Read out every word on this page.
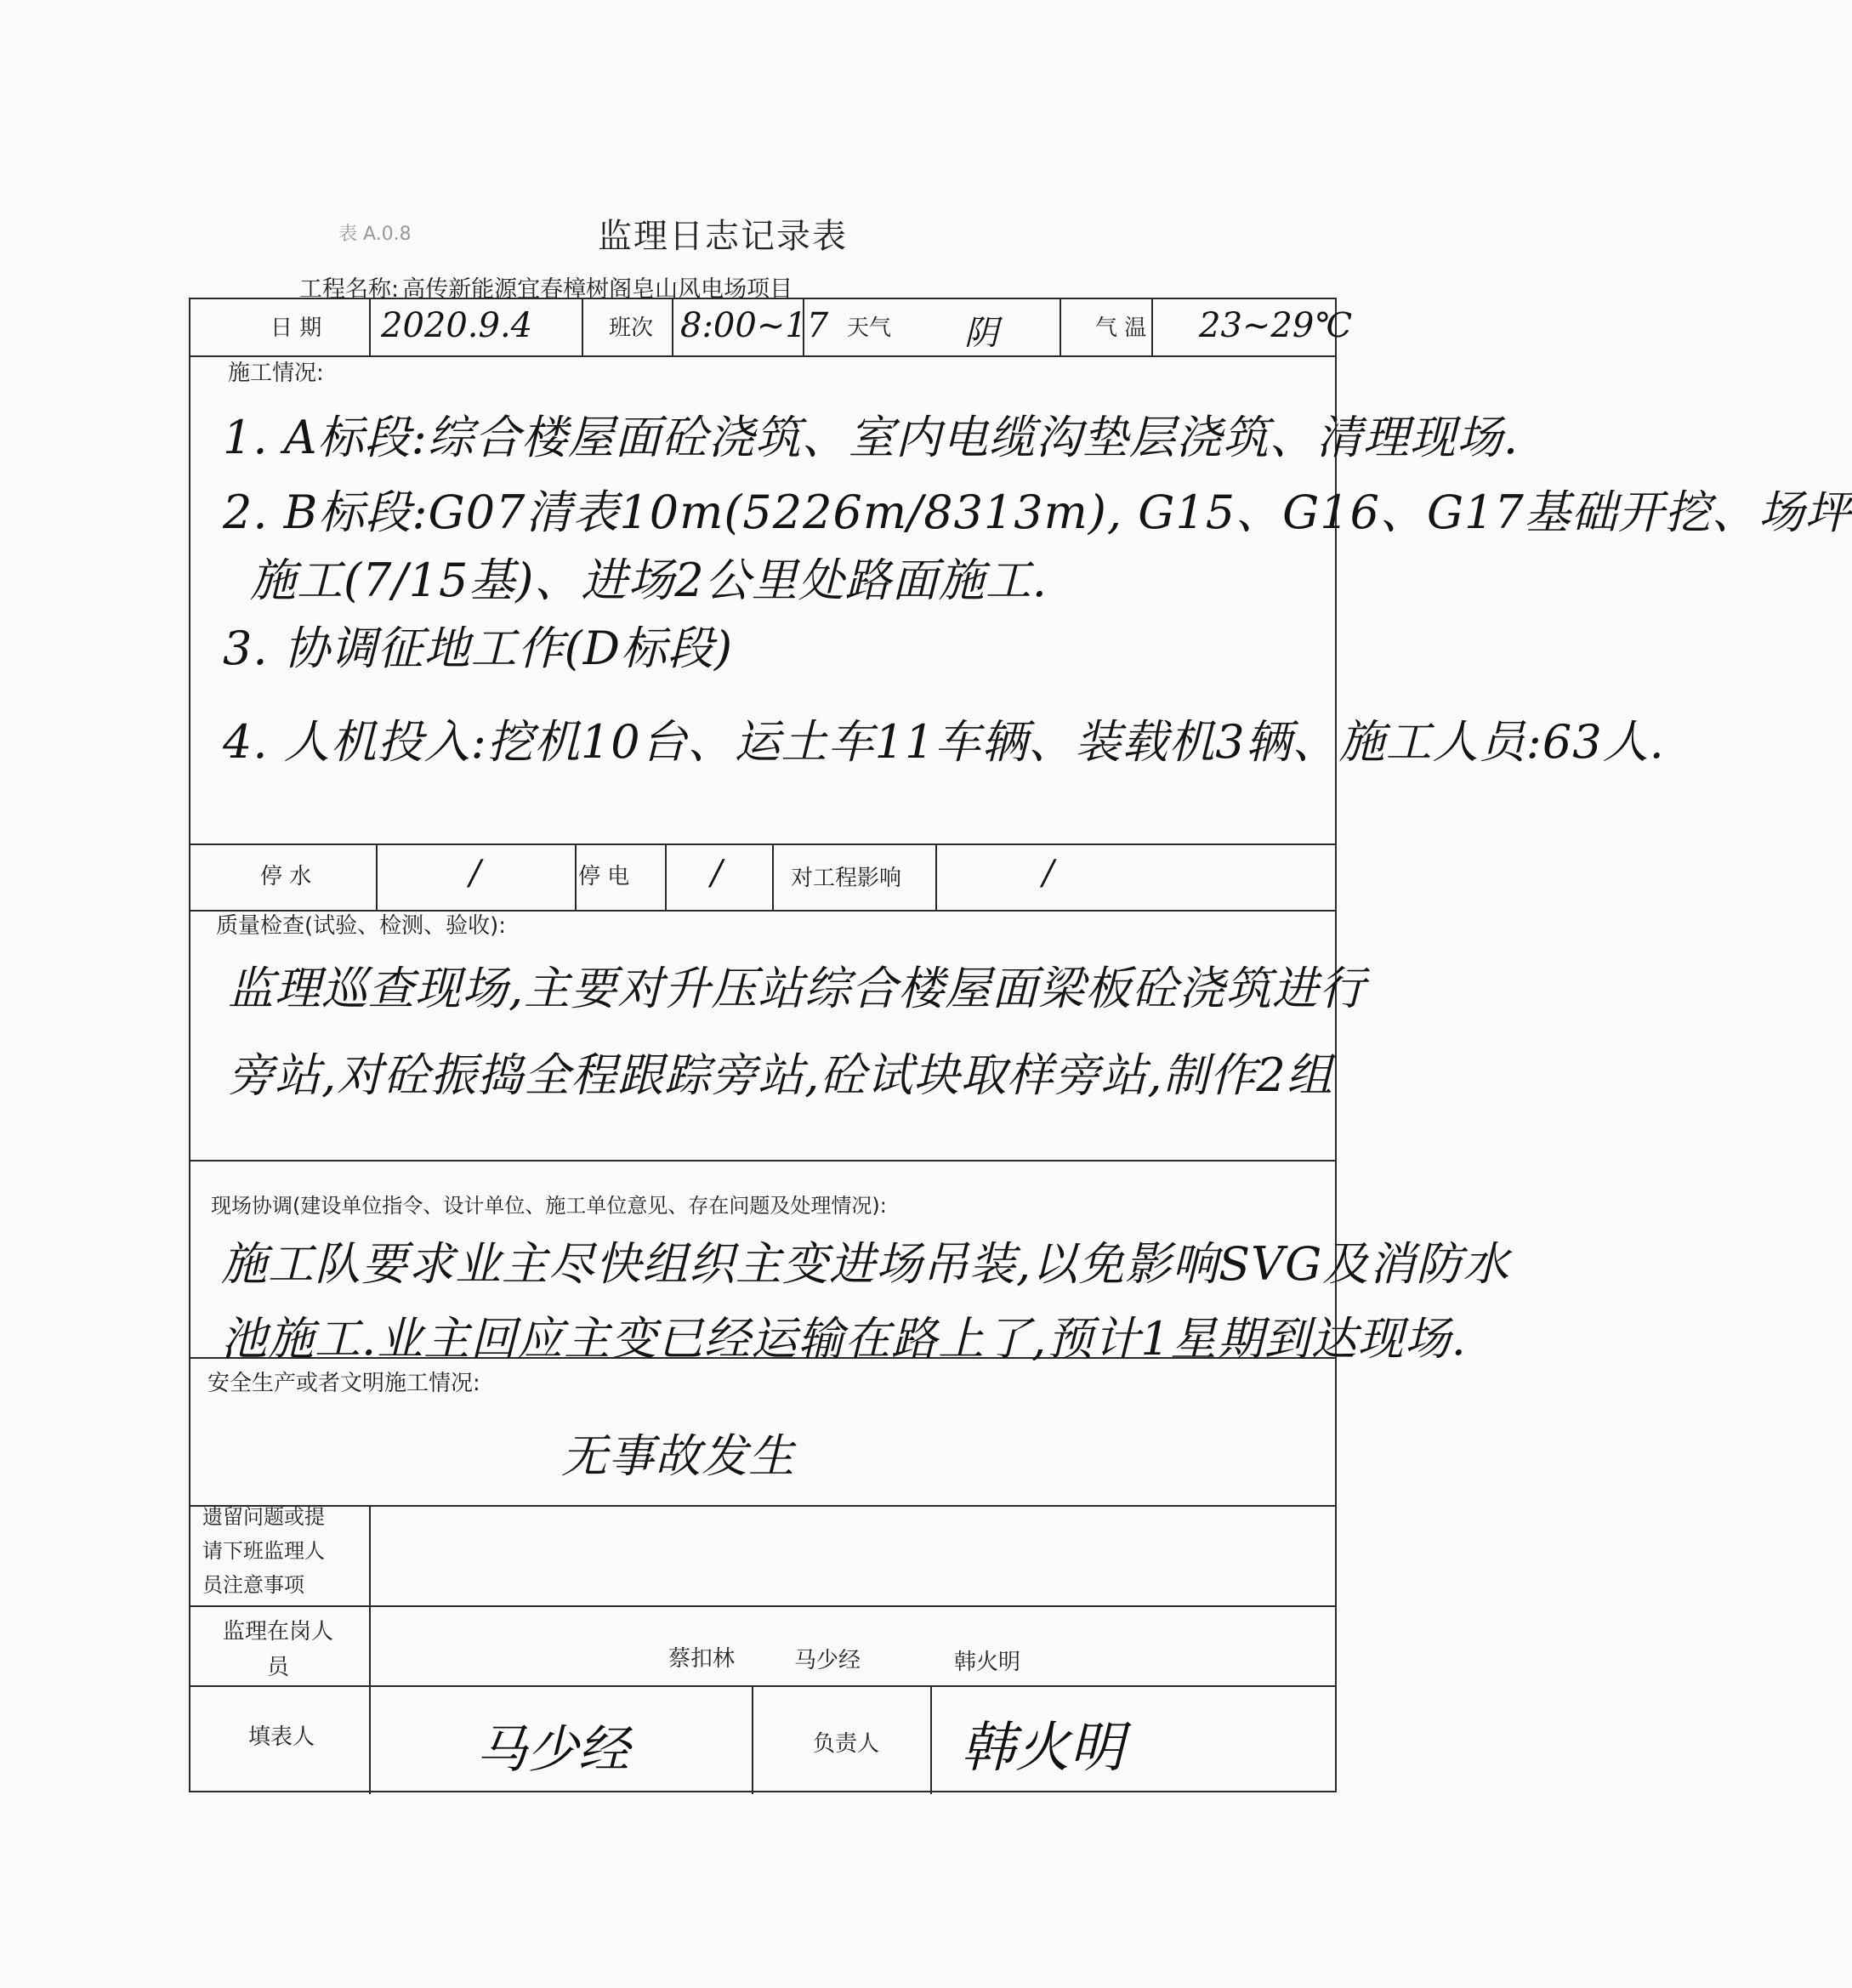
表 A.0.8	监理日志记录表
工程名称: 高传新能源宜春樟树阁皂山风电场项目
日 期 2020.9.4	班次 8:00~17 天气 阴	气 温 23~29℃
施工情况:
1. A标段:综合楼屋面砼浇筑、室内电缆沟垫层浇筑、清理现场.
2. B标段:G07清表10m(5226m/8313m), G15、G16、G17基础开挖、场坪
施工(7/15基)、进场2公里处路面施工.
3. 协调征地工作(D标段)
4. 人机投入:挖机10台、运土车11车辆、装载机3辆、施工人员:63人.
停 水	/	停 电 /	对工程影响	/
质量检查(试验、检测、验收):
监理巡查现场,主要对升压站综合楼屋面梁板砼浇筑进行
旁站,对砼振捣全程跟踪旁站,砼试块取样旁站,制作2组
现场协调(建设单位指令、设计单位、施工单位意见、存在问题及处理情况):
施工队要求业主尽快组织主变进场吊装,以免影响SVG及消防水
池施工.业主回应主变已经运输在路上了,预计1星期到达现场.
安全生产或者文明施工情况:
无事故发生
遗留问题或提
请下班监理人
员注意事项
监理在岗人
员	蔡扣林	马少经	韩火明
填表人	马少经	负责人 韩火明
